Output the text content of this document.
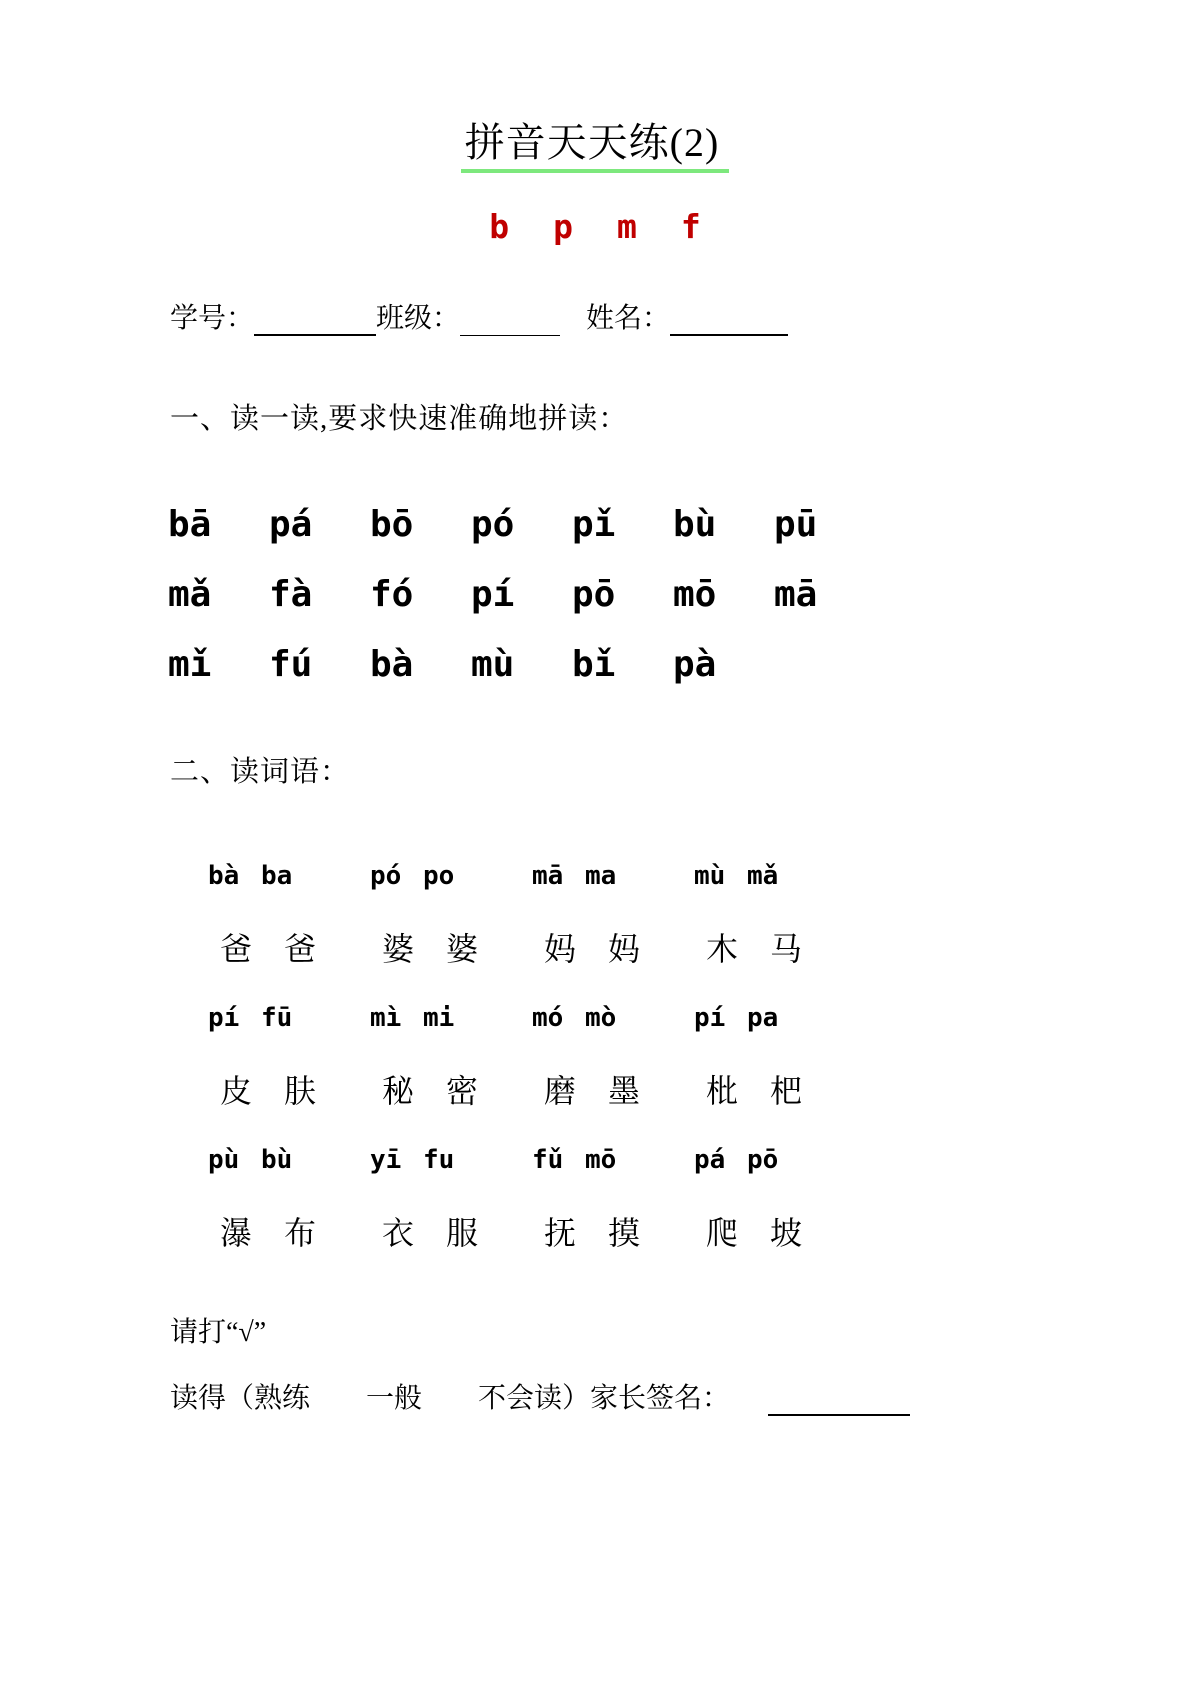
拼音天天练(2)
b p m f
学号：	班级：	姓名：
一、读一读,要求快速准确地拼读：
bā	pá	bō	pó	pǐ	bù	pū
mǎ	fà	fó	pí	pō	mō	mā
mǐ	fú	bà	mù	bǐ	pà
二、读词语：
bà ba	pó po	mā ma	mù mǎ
爸　爸	婆　婆	妈　妈	木　马
pí fū	mì mi	mó mò	pí pa
皮　肤	秘　密	磨　墨	枇　杷
pù bù	yī fu	fǔ mō	pá pō
瀑　布	衣　服	抚　摸	爬　坡
请打“√”
读得（熟练　　一般　　不会读）家长签名：
